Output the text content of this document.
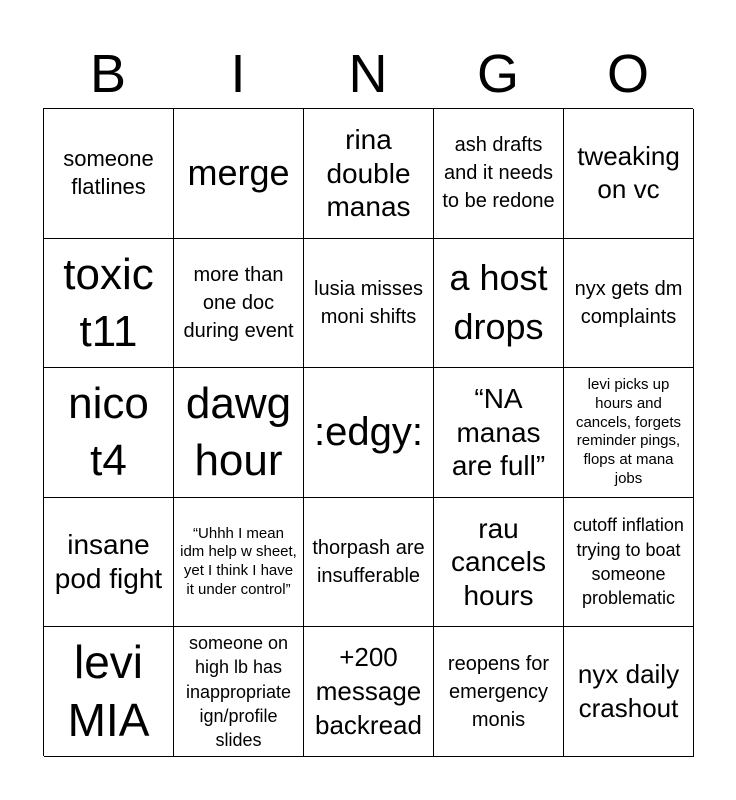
B	I	N	G	O
someone flatlines	merge
rina double manas
ash drafts and it needs to be redone
tweaking on vc
toxic t11
more than one doc during event
lusia misses moni shifts
a host drops
nyx gets dm complaints
nico t4
dawg hour
:edgy:
“NA manas are full”
levi picks up hours and cancels, forgets reminder pings, flops at mana jobs
insane pod fight
“Uhhh I mean idm help w sheet, yet I think I have it under control”
thorpash are insufferable
rau cancels hours
cutoff inflation trying to boat someone problematic
levi MIA
someone on high lb has inappropriate ign/profile slides
+200 message backread
reopens for emergency monis
nyx daily crashout
